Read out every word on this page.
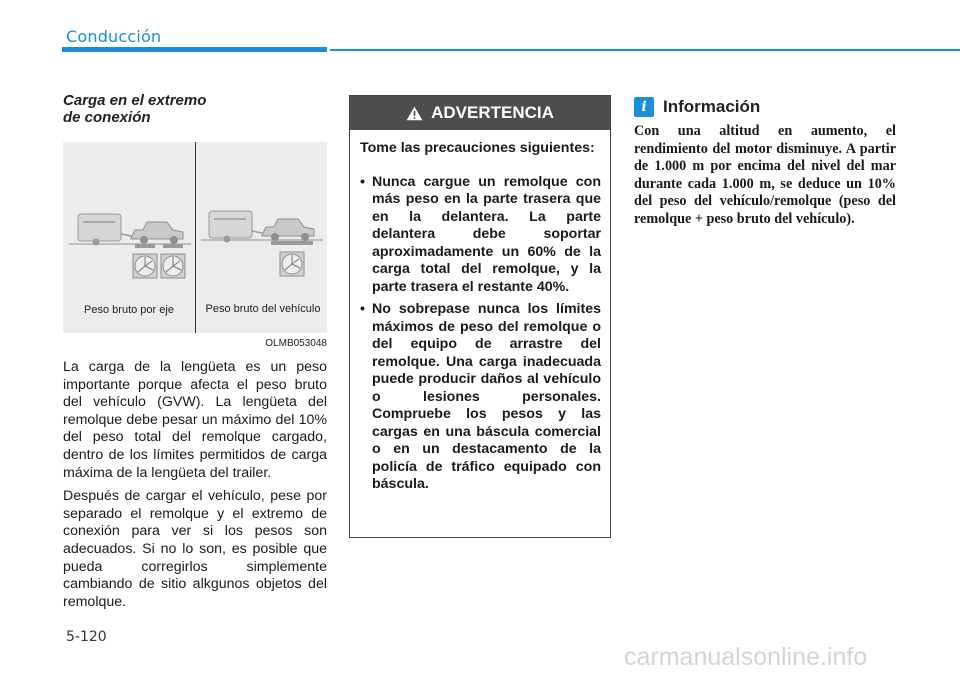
Conducción
Carga en el extremo
de conexión
Peso bruto por eje	Peso bruto del vehículo
OLMB053048

La carga de la lengüeta es un peso importante porque afecta el peso bruto del vehículo (GVW). La lengüeta del remolque debe pesar un máximo del 10% del peso total del remolque cargado, dentro de los límites permitidos de carga máxima de la lengüeta del trailer.

Después de cargar el vehículo, pese por separado el remolque y el extremo de conexión para ver si los pesos son adecuados. Si no lo son, es posible que pueda corregirlos simplemente cambiando de sitio alkgunos objetos del remolque.

ADVERTENCIA

Tome las precauciones siguientes:

• Nunca cargue un remolque con más peso en la parte trasera que en la delantera. La parte delantera debe soportar aproximadamente un 60% de la carga total del remolque, y la parte trasera el restante 40%.
• No sobrepase nunca los límites máximos de peso del remolque o del equipo de arrastre del remolque. Una carga inadecuada puede producir daños al vehículo o lesiones personales. Compruebe los pesos y las cargas en una báscula comercial o en un destacamento de la policía de tráfico equipado con báscula.
i Información

Con una altitud en aumento, el rendimiento del motor disminuye. A partir de 1.000 m por encima del nivel del mar durante cada 1.000 m, se deduce un 10% del peso del vehículo/remolque (peso del remolque + peso bruto del vehículo).

5-120
carmanualsonline.info
